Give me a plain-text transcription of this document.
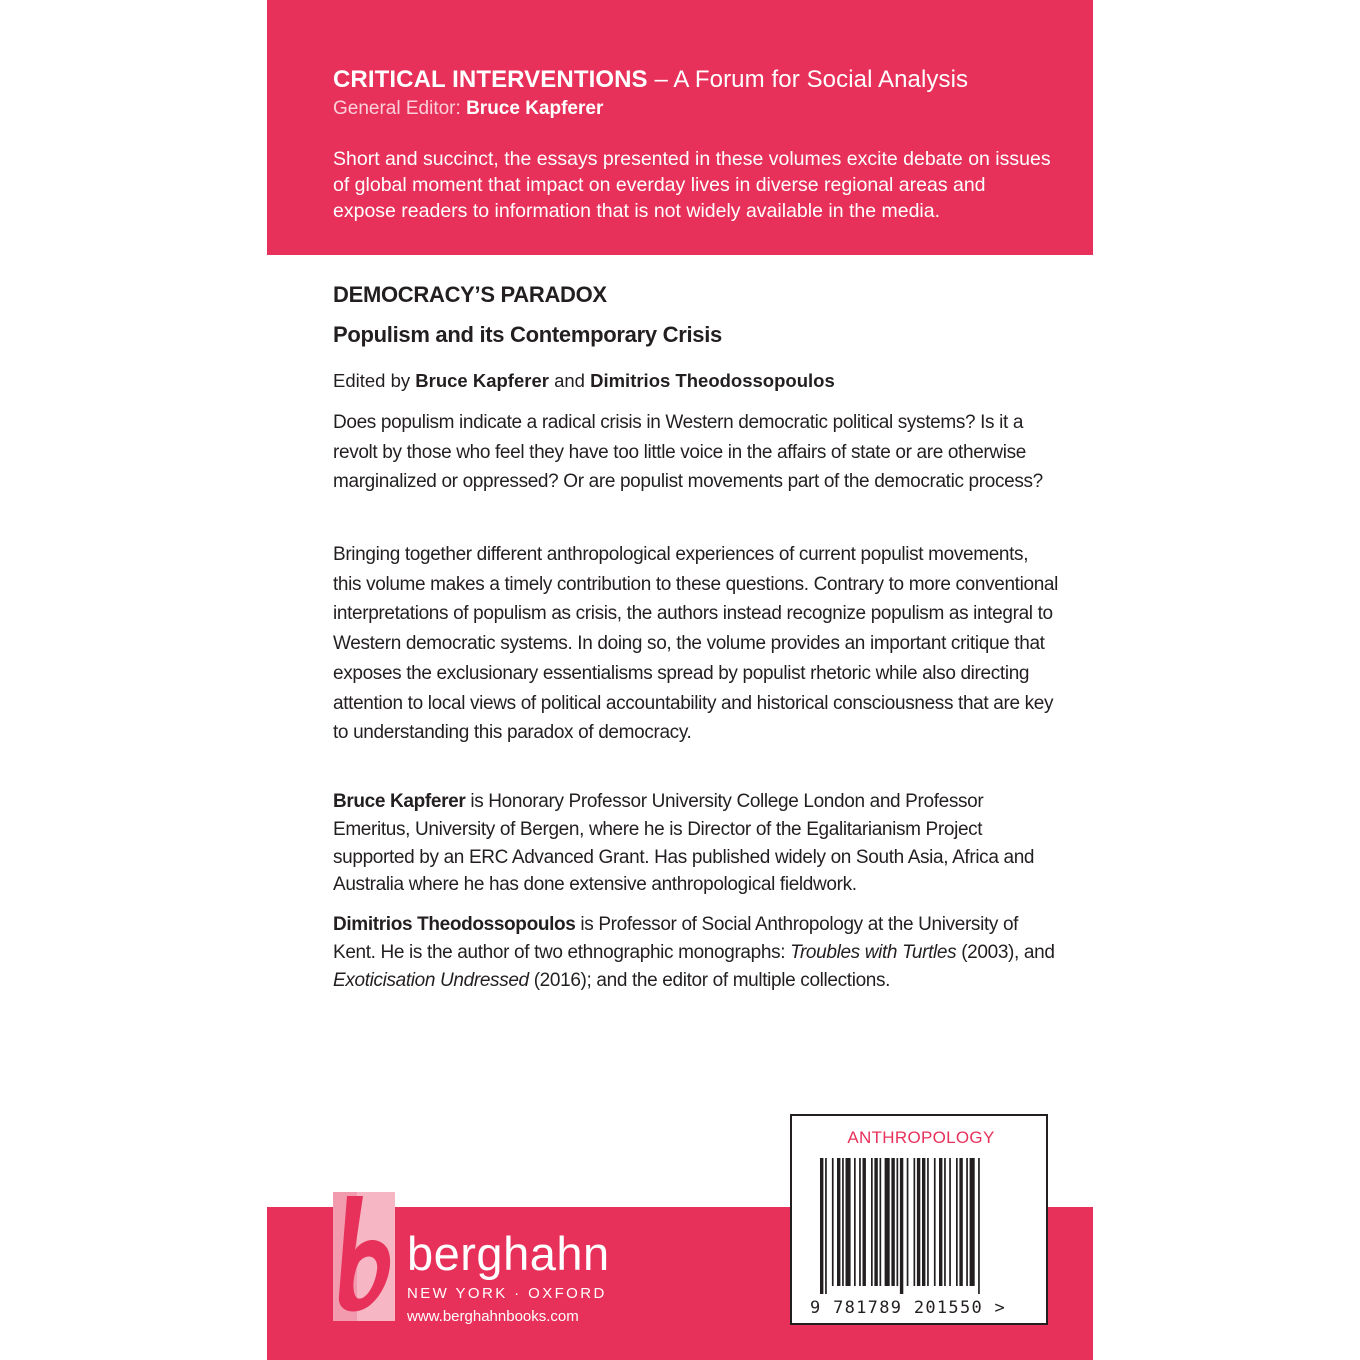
CRITICAL INTERVENTIONS – A Forum for Social Analysis
General Editor: Bruce Kapferer
Short and succinct, the essays presented in these volumes excite debate on issues of global moment that impact on everday lives in diverse regional areas and expose readers to information that is not widely available in the media.
DEMOCRACY’S PARADOX
Populism and its Contemporary Crisis
Edited by Bruce Kapferer and Dimitrios Theodossopoulos

Does populism indicate a radical crisis in Western democratic political systems? Is it a revolt by those who feel they have too little voice in the affairs of state or are otherwise marginalized or oppressed? Or are populist movements part of the democratic process?

Bringing together different anthropological experiences of current populist movements, this volume makes a timely contribution to these questions. Contrary to more conventional interpretations of populism as crisis, the authors instead recognize populism as integral to Western democratic systems. In doing so, the volume provides an important critique that exposes the exclusionary essentialisms spread by populist rhetoric while also directing attention to local views of political accountability and historical consciousness that are key to understanding this paradox of democracy.

Bruce Kapferer is Honorary Professor University College London and Professor Emeritus, University of Bergen, where he is Director of the Egalitarianism Project supported by an ERC Advanced Grant. Has published widely on South Asia, Africa and Australia where he has done extensive anthropological fieldwork.

Dimitrios Theodossopoulos is Professor of Social Anthropology at the University of Kent. He is the author of two ethnographic monographs: Troubles with Turtles (2003), and Exoticisation Undressed (2016); and the editor of multiple collections.

berghahn
NEW YORK · OXFORD
www.berghahnbooks.com
ANTHROPOLOGY
9 781789 201550 >
